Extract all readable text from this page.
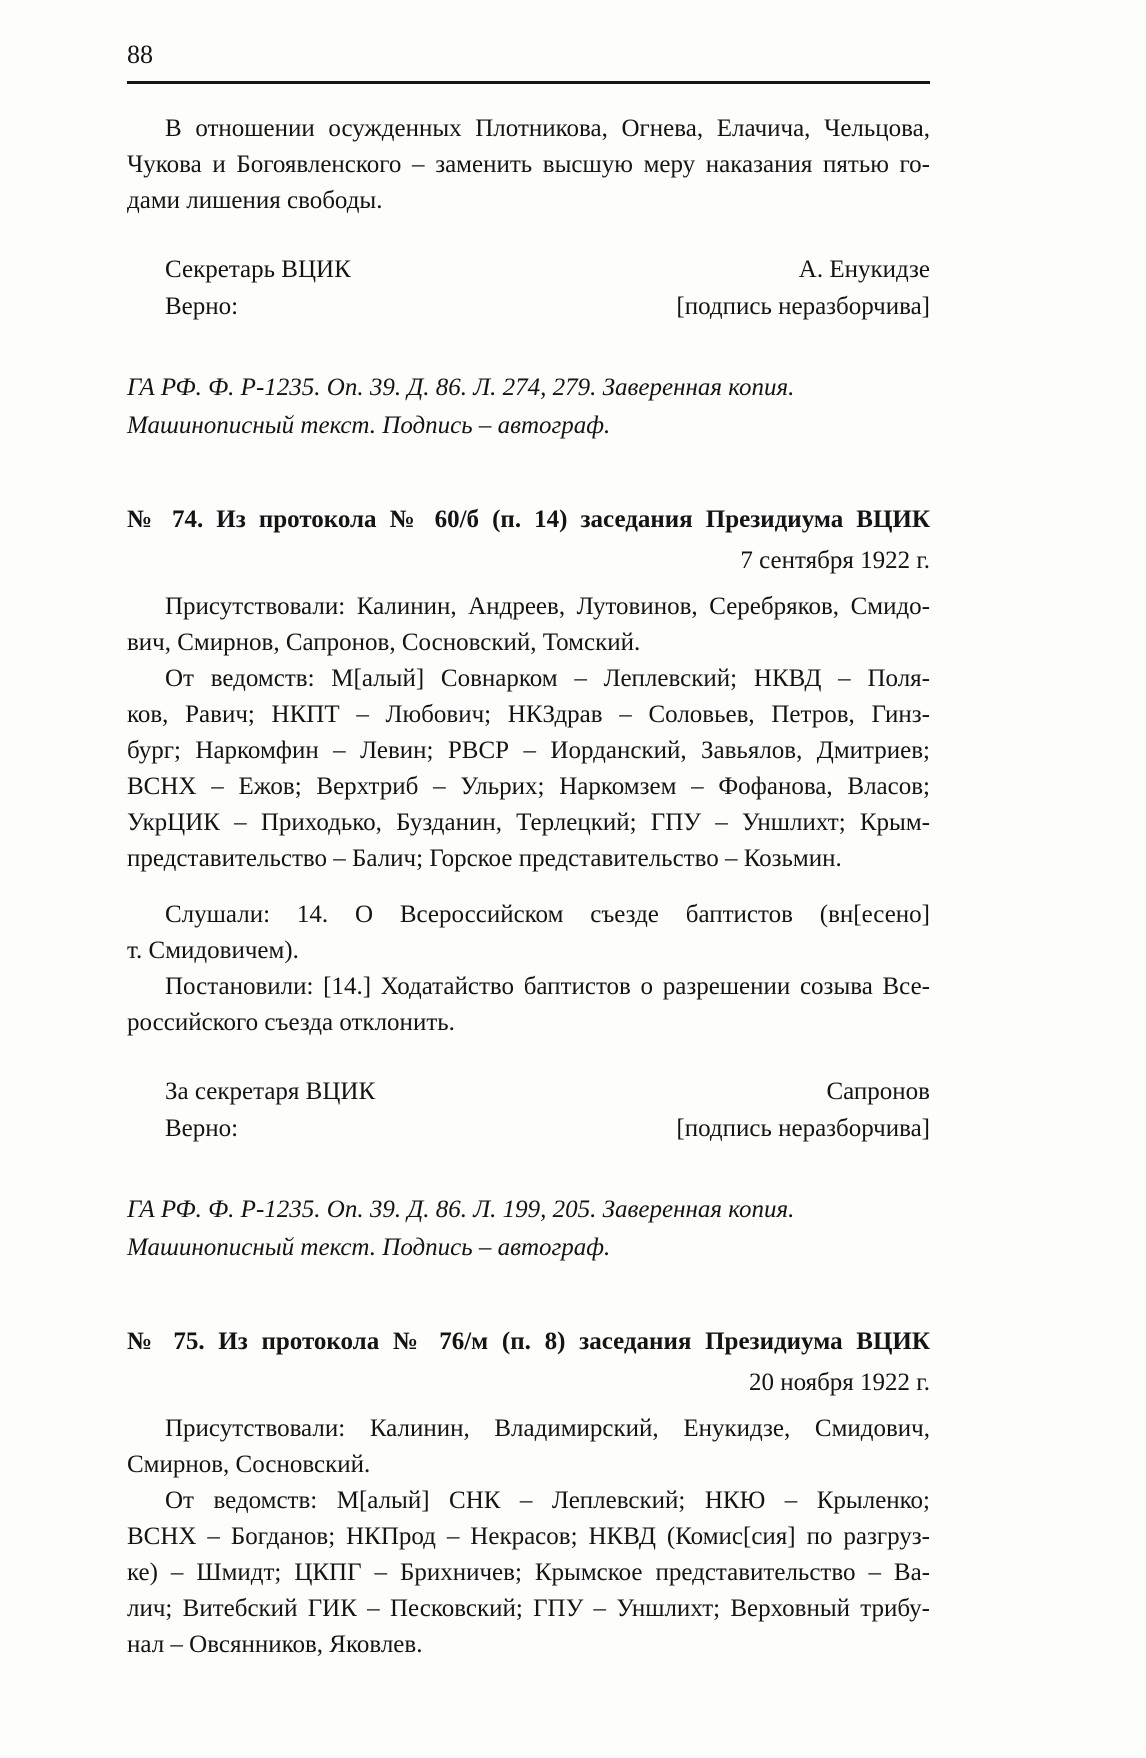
88
В отношении осужденных Плотникова, Огнева, Елачича, Чельцова,
Чукова и Богоявленского – заменить высшую меру наказания пятью го-
дами лишения свободы.
Секретарь ВЦИК	А. Енукидзе
Верно:	[подпись неразборчива]
ГА РФ. Ф. Р-1235. Оп. 39. Д. 86. Л. 274, 279. Заверенная копия.
Машинописный текст. Подпись – автограф.
№ 74. Из протокола № 60/б (п. 14) заседания Президиума ВЦИК
7 сентября 1922 г.
Присутствовали: Калинин, Андреев, Лутовинов, Серебряков, Смидо-
вич, Смирнов, Сапронов, Сосновский, Томский.
От ведомств: М[алый] Совнарком – Леплевский; НКВД – Поля-
ков, Равич; НКПТ – Любович; НКЗдрав – Соловьев, Петров, Гинз-
бург; Наркомфин – Левин; РВСР – Иорданский, Завьялов, Дмитриев;
ВСНХ – Ежов; Верхтриб – Ульрих; Наркомзем – Фофанова, Власов;
УкрЦИК – Приходько, Бузданин, Терлецкий; ГПУ – Уншлихт; Крым-
представительство – Балич; Горское представительство – Козьмин.
Слушали: 14. О Всероссийском съезде баптистов (вн[есено]
т. Смидовичем).
Постановили: [14.] Ходатайство баптистов о разрешении созыва Все-
российского съезда отклонить.
За секретаря ВЦИК	Сапронов
Верно:	[подпись неразборчива]
ГА РФ. Ф. Р-1235. Оп. 39. Д. 86. Л. 199, 205. Заверенная копия.
Машинописный текст. Подпись – автограф.
№ 75. Из протокола № 76/м (п. 8) заседания Президиума ВЦИК
20 ноября 1922 г.
Присутствовали: Калинин, Владимирский, Енукидзе, Смидович,
Смирнов, Сосновский.
От ведомств: М[алый] СНК – Леплевский; НКЮ – Крыленко;
ВСНХ – Богданов; НКПрод – Некрасов; НКВД (Комис[сия] по разгруз-
ке) – Шмидт; ЦКПГ – Брихничев; Крымское представительство – Ва-
лич; Витебский ГИК – Песковский; ГПУ – Уншлихт; Верховный трибу-
нал – Овсянников, Яковлев.
